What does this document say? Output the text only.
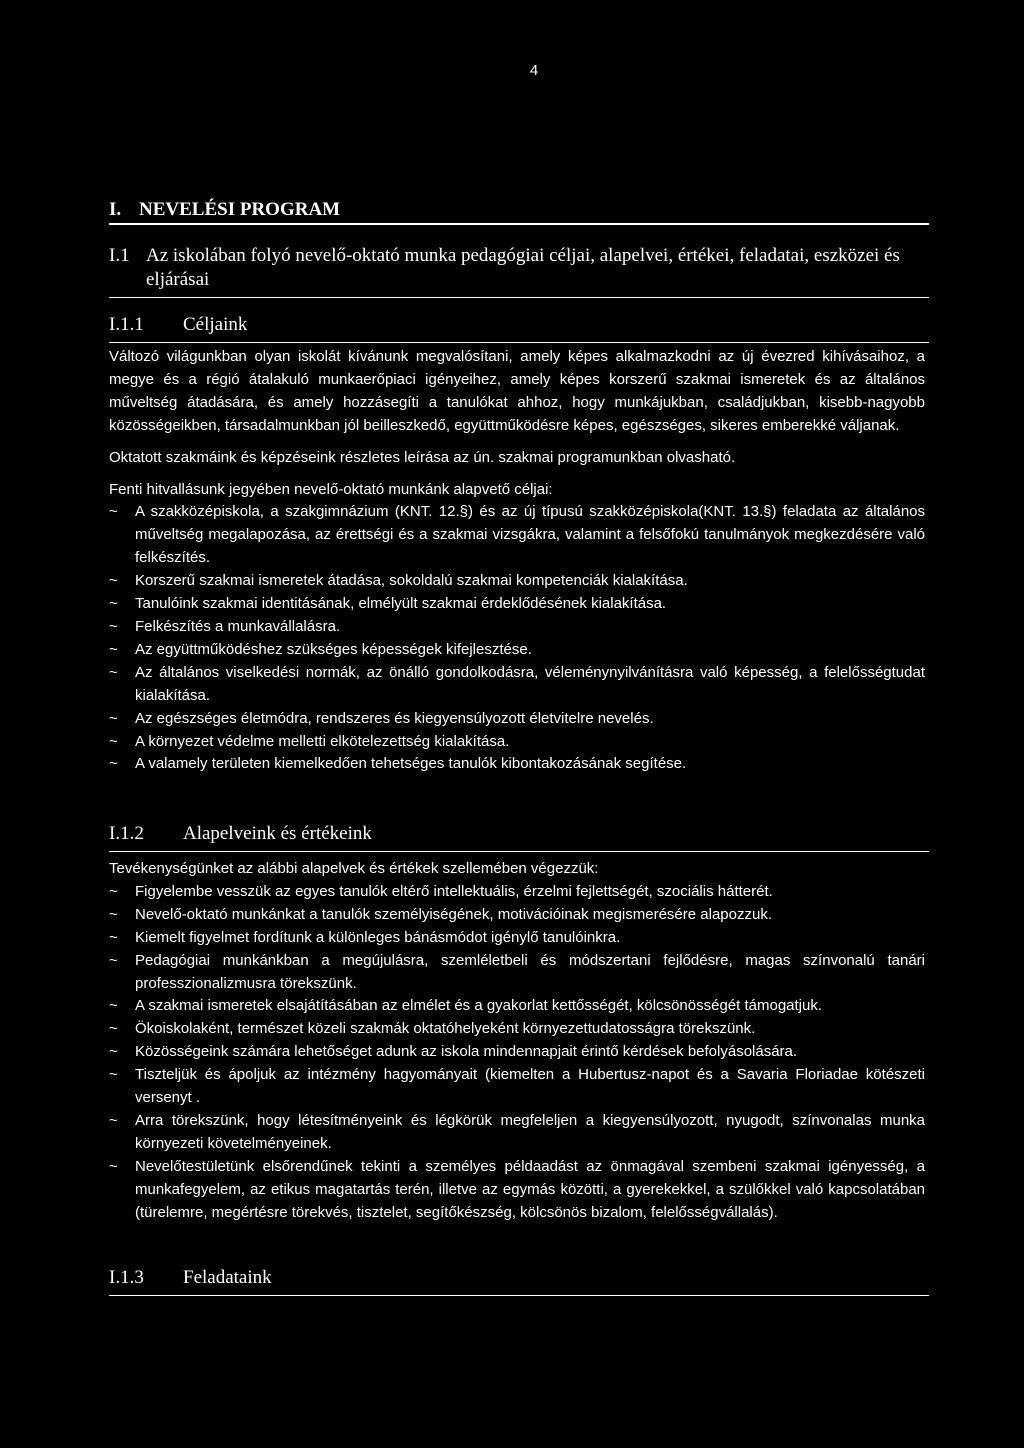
4
I. NEVELÉSI PROGRAM
I.1 Az iskolában folyó nevelő-oktató munka pedagógiai céljai, alapelvei, értékei, feladatai, eszközei és eljárásai
I.1.1 Céljaink

Változó világunkban olyan iskolát kívánunk megvalósítani, amely képes alkalmazkodni az új évezred kihívásaihoz, a megye és a régió átalakuló munkaerőpiaci igényeihez, amely képes korszerű szakmai ismeretek és az általános műveltség átadására, és amely hozzásegíti a tanulókat ahhoz, hogy munkájukban, családjukban, kisebb-nagyobb közösségeikben, társadalmunkban jól beilleszkedő, együttműködésre képes, egészséges, sikeres emberekké váljanak.

Oktatott szakmáink és képzéseink részletes leírása az ún. szakmai programunkban olvasható.

Fenti hitvallásunk jegyében nevelő-oktató munkánk alapvető céljai:

~ A szakközépiskola, a szakgimnázium (KNT. 12.§) és az új típusú szakközépiskola(KNT. 13.§) feladata az általános műveltség megalapozása, az érettségi és a szakmai vizsgákra, valamint a felsőfokú tanulmányok megkezdésére való felkészítés.
~ Korszerű szakmai ismeretek átadása, sokoldalú szakmai kompetenciák kialakítása.
~ Tanulóink szakmai identitásának, elmélyült szakmai érdeklődésének kialakítása.
~ Felkészítés a munkavállalásra.
~ Az együttműködéshez szükséges képességek kifejlesztése.
~ Az általános viselkedési normák, az önálló gondolkodásra, véleménynyilvánításra való képesség, a felelősségtudat kialakítása.
~ Az egészséges életmódra, rendszeres és kiegyensúlyozott életvitelre nevelés.
~ A környezet védelme melletti elkötelezettség kialakítása.
~ A valamely területen kiemelkedően tehetséges tanulók kibontakozásának segítése.
I.1.2 Alapelveink és értékeink

Tevékenységünket az alábbi alapelvek és értékek szellemében végezzük:

~ Figyelembe vesszük az egyes tanulók eltérő intellektuális, érzelmi fejlettségét, szociális hátterét.
~ Nevelő-oktató munkánkat a tanulók személyiségének, motivációinak megismerésére alapozzuk.
~ Kiemelt figyelmet fordítunk a különleges bánásmódot igénylő tanulóinkra.
~ Pedagógiai munkánkban a megújulásra, szemléletbeli és módszertani fejlődésre, magas színvonalú tanári professzionalizmusra törekszünk.
~ A szakmai ismeretek elsajátításában az elmélet és a gyakorlat kettősségét, kölcsönösségét támogatjuk.
~ Ökoiskolaként, természet közeli szakmák oktatóhelyeként környezettudatosságra törekszünk.
~ Közösségeink számára lehetőséget adunk az iskola mindennapjait érintő kérdések befolyásolására.
~ Tiszteljük és ápoljuk az intézmény hagyományait (kiemelten a Hubertusz-napot és a Savaria Floriadae kötészeti versenyt .
~ Arra törekszünk, hogy létesítményeink és légkörük megfeleljen a kiegyensúlyozott, nyugodt, színvonalas munka környezeti követelményeinek.
~ Nevelőtestületünk elsőrendűnek tekinti a személyes példaadást az önmagával szembeni szakmai igényesség, a munkafegyelem, az etikus magatartás terén, illetve az egymás közötti, a gyerekekkel, a szülőkkel való kapcsolatában (türelemre, megértésre törekvés, tisztelet, segítőkészség, kölcsönös bizalom, felelősségvállalás).
I.1.3 Feladataink
